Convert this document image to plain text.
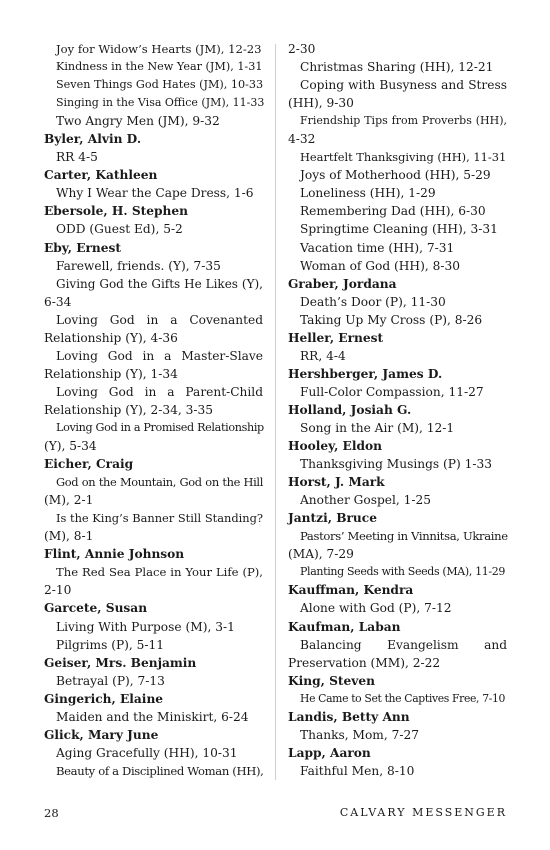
Joy for Widow’s Hearts (JM), 12-23
Kindness in the New Year (JM), 1-31
Seven Things God Hates (JM), 10-33
Singing in the Visa Office (JM), 11-33
Two Angry Men (JM), 9-32
Byler, Alvin D.
RR 4-5
Carter, Kathleen
Why I Wear the Cape Dress, 1-6
Ebersole, H. Stephen
ODD (Guest Ed), 5-2
Eby, Ernest
Farewell, friends. (Y), 7-35
Giving God the Gifts He Likes (Y),
6-34
Loving God in a Covenanted
Relationship (Y), 4-36
Loving God in a Master-Slave
Relationship (Y), 1-34
Loving God in a Parent-Child
Relationship (Y), 2-34, 3-35
Loving God in a Promised Relationship
(Y), 5-34
Eicher, Craig
God on the Mountain, God on the Hill
(M), 2-1
Is the King’s Banner Still Standing?
(M), 8-1
Flint, Annie Johnson
The Red Sea Place in Your Life (P),
2-10
Garcete, Susan
Living With Purpose (M), 3-1
Pilgrims (P), 5-11
Geiser, Mrs. Benjamin
Betrayal (P), 7-13
Gingerich, Elaine
Maiden and the Miniskirt, 6-24
Glick, Mary June
Aging Gracefully (HH), 10-31
Beauty of a Disciplined Woman (HH),
2-30
Christmas Sharing (HH), 12-21
Coping with Busyness and Stress
(HH), 9-30
Friendship Tips from Proverbs (HH),
4-32
Heartfelt Thanksgiving (HH), 11-31
Joys of Motherhood (HH), 5-29
Loneliness (HH), 1-29
Remembering Dad (HH), 6-30
Springtime Cleaning (HH), 3-31
Vacation time (HH), 7-31
Woman of God (HH), 8-30
Graber, Jordana
Death’s Door (P), 11-30
Taking Up My Cross (P), 8-26
Heller, Ernest
RR, 4-4
Hershberger, James D.
Full-Color Compassion, 11-27
Holland, Josiah G.
Song in the Air (M), 12-1
Hooley, Eldon
Thanksgiving Musings (P) 1-33
Horst, J. Mark
Another Gospel, 1-25
Jantzi, Bruce
Pastors’ Meeting in Vinnitsa, Ukraine
(MA), 7-29
Planting Seeds with Seeds (MA), 11-29
Kauffman, Kendra
Alone with God (P), 7-12
Kaufman, Laban
Balancing Evangelism and
Preservation (MM), 2-22
King, Steven
He Came to Set the Captives Free, 7-10
Landis, Betty Ann
Thanks, Mom, 7-27
Lapp, Aaron
Faithful Men, 8-10
28	CALVARY MESSENGER
